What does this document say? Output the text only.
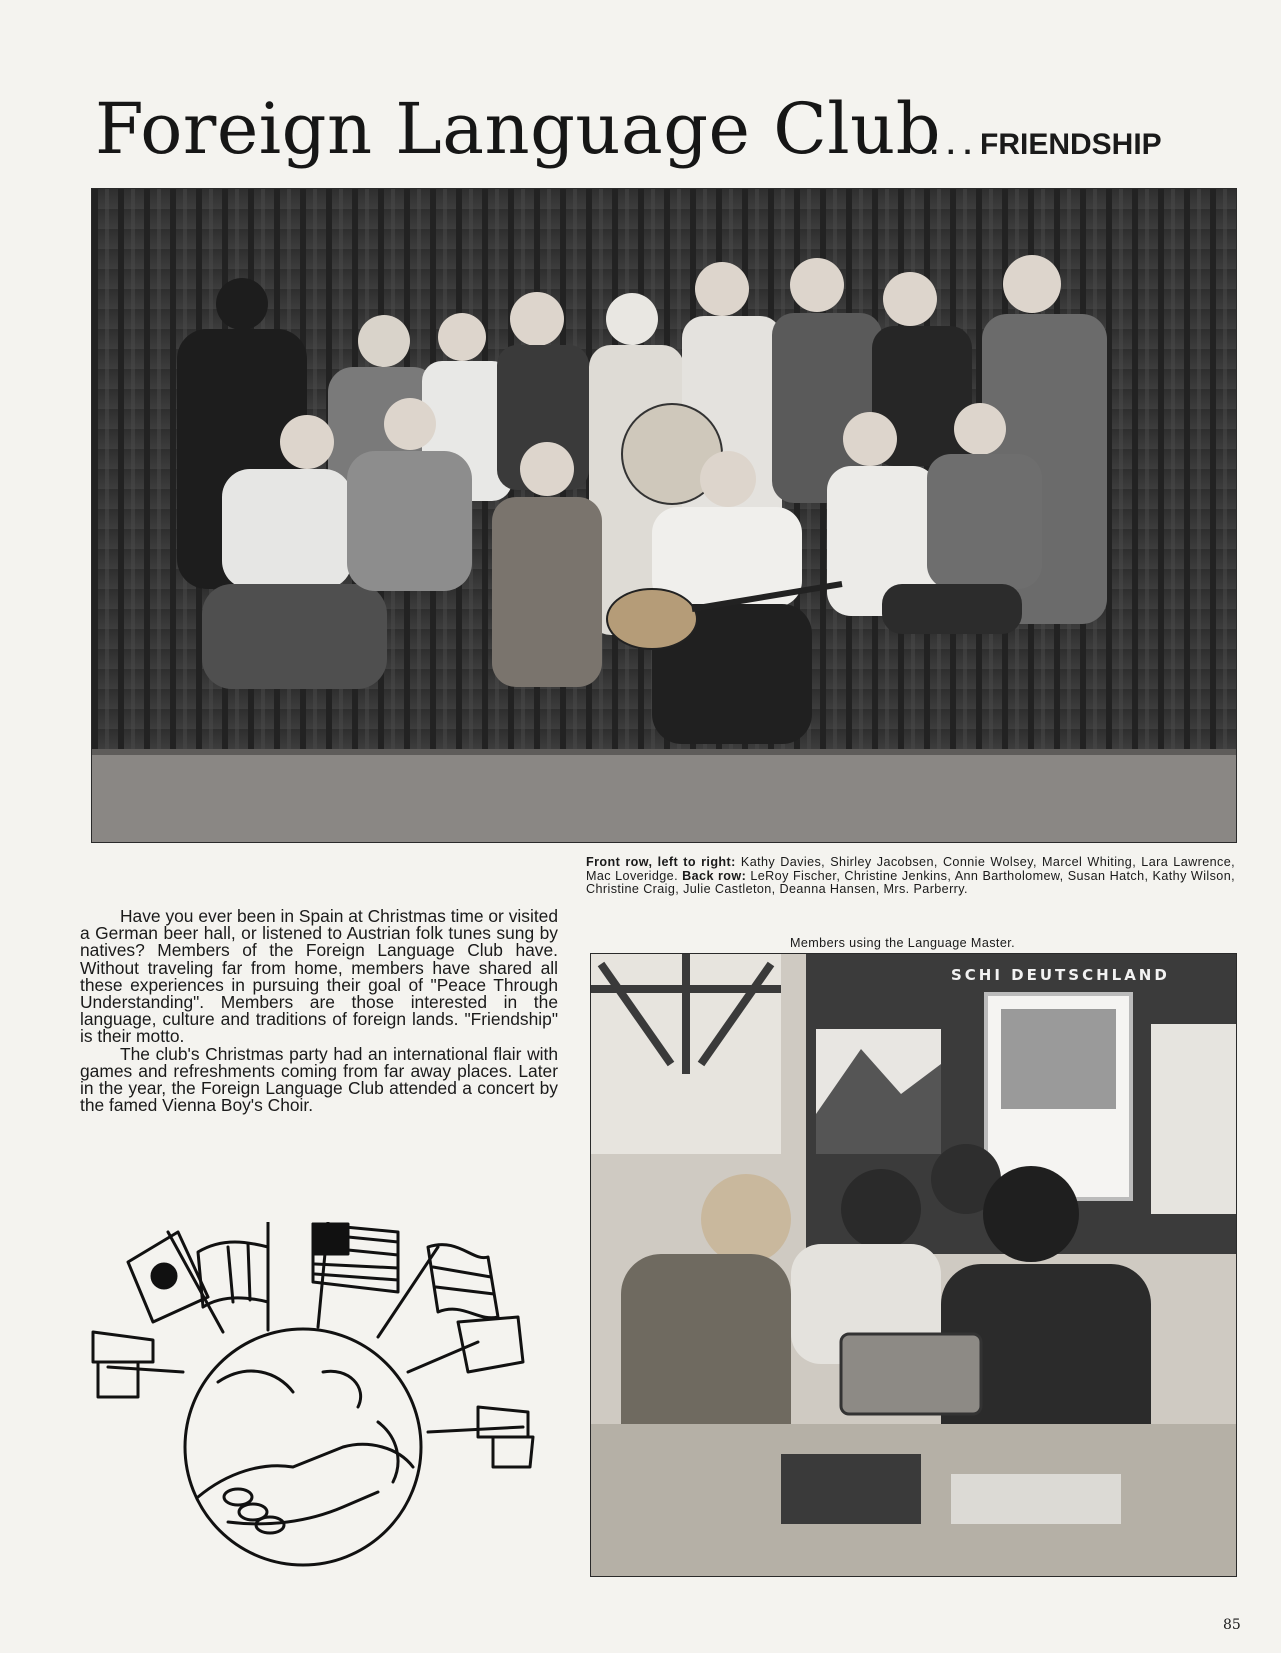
Foreign Language Club
. . . FRIENDSHIP
Front row, left to right: Kathy Davies, Shirley Jacobsen, Connie Wolsey, Marcel Whiting, Lara Lawrence, Mac Loveridge. Back row: LeRoy Fischer, Christine Jenkins, Ann Bartholomew, Susan Hatch, Kathy Wilson, Christine Craig, Julie Castleton, Deanna Hansen, Mrs. Parberry.
Members using the Language Master.
SCHI DEUTSCHLAND

Have you ever been in Spain at Christmas time or visited a German beer hall, or listened to Austrian folk tunes sung by natives? Members of the Foreign Language Club have. Without traveling far from home, members have shared all these experiences in pursuing their goal of "Peace Through Understanding". Members are those interested in the language, culture and traditions of foreign lands. "Friendship" is their motto.

The club's Christmas party had an international flair with games and refreshments coming from far away places. Later in the year, the Foreign Language Club attended a concert by the famed Vienna Boy's Choir.

85
